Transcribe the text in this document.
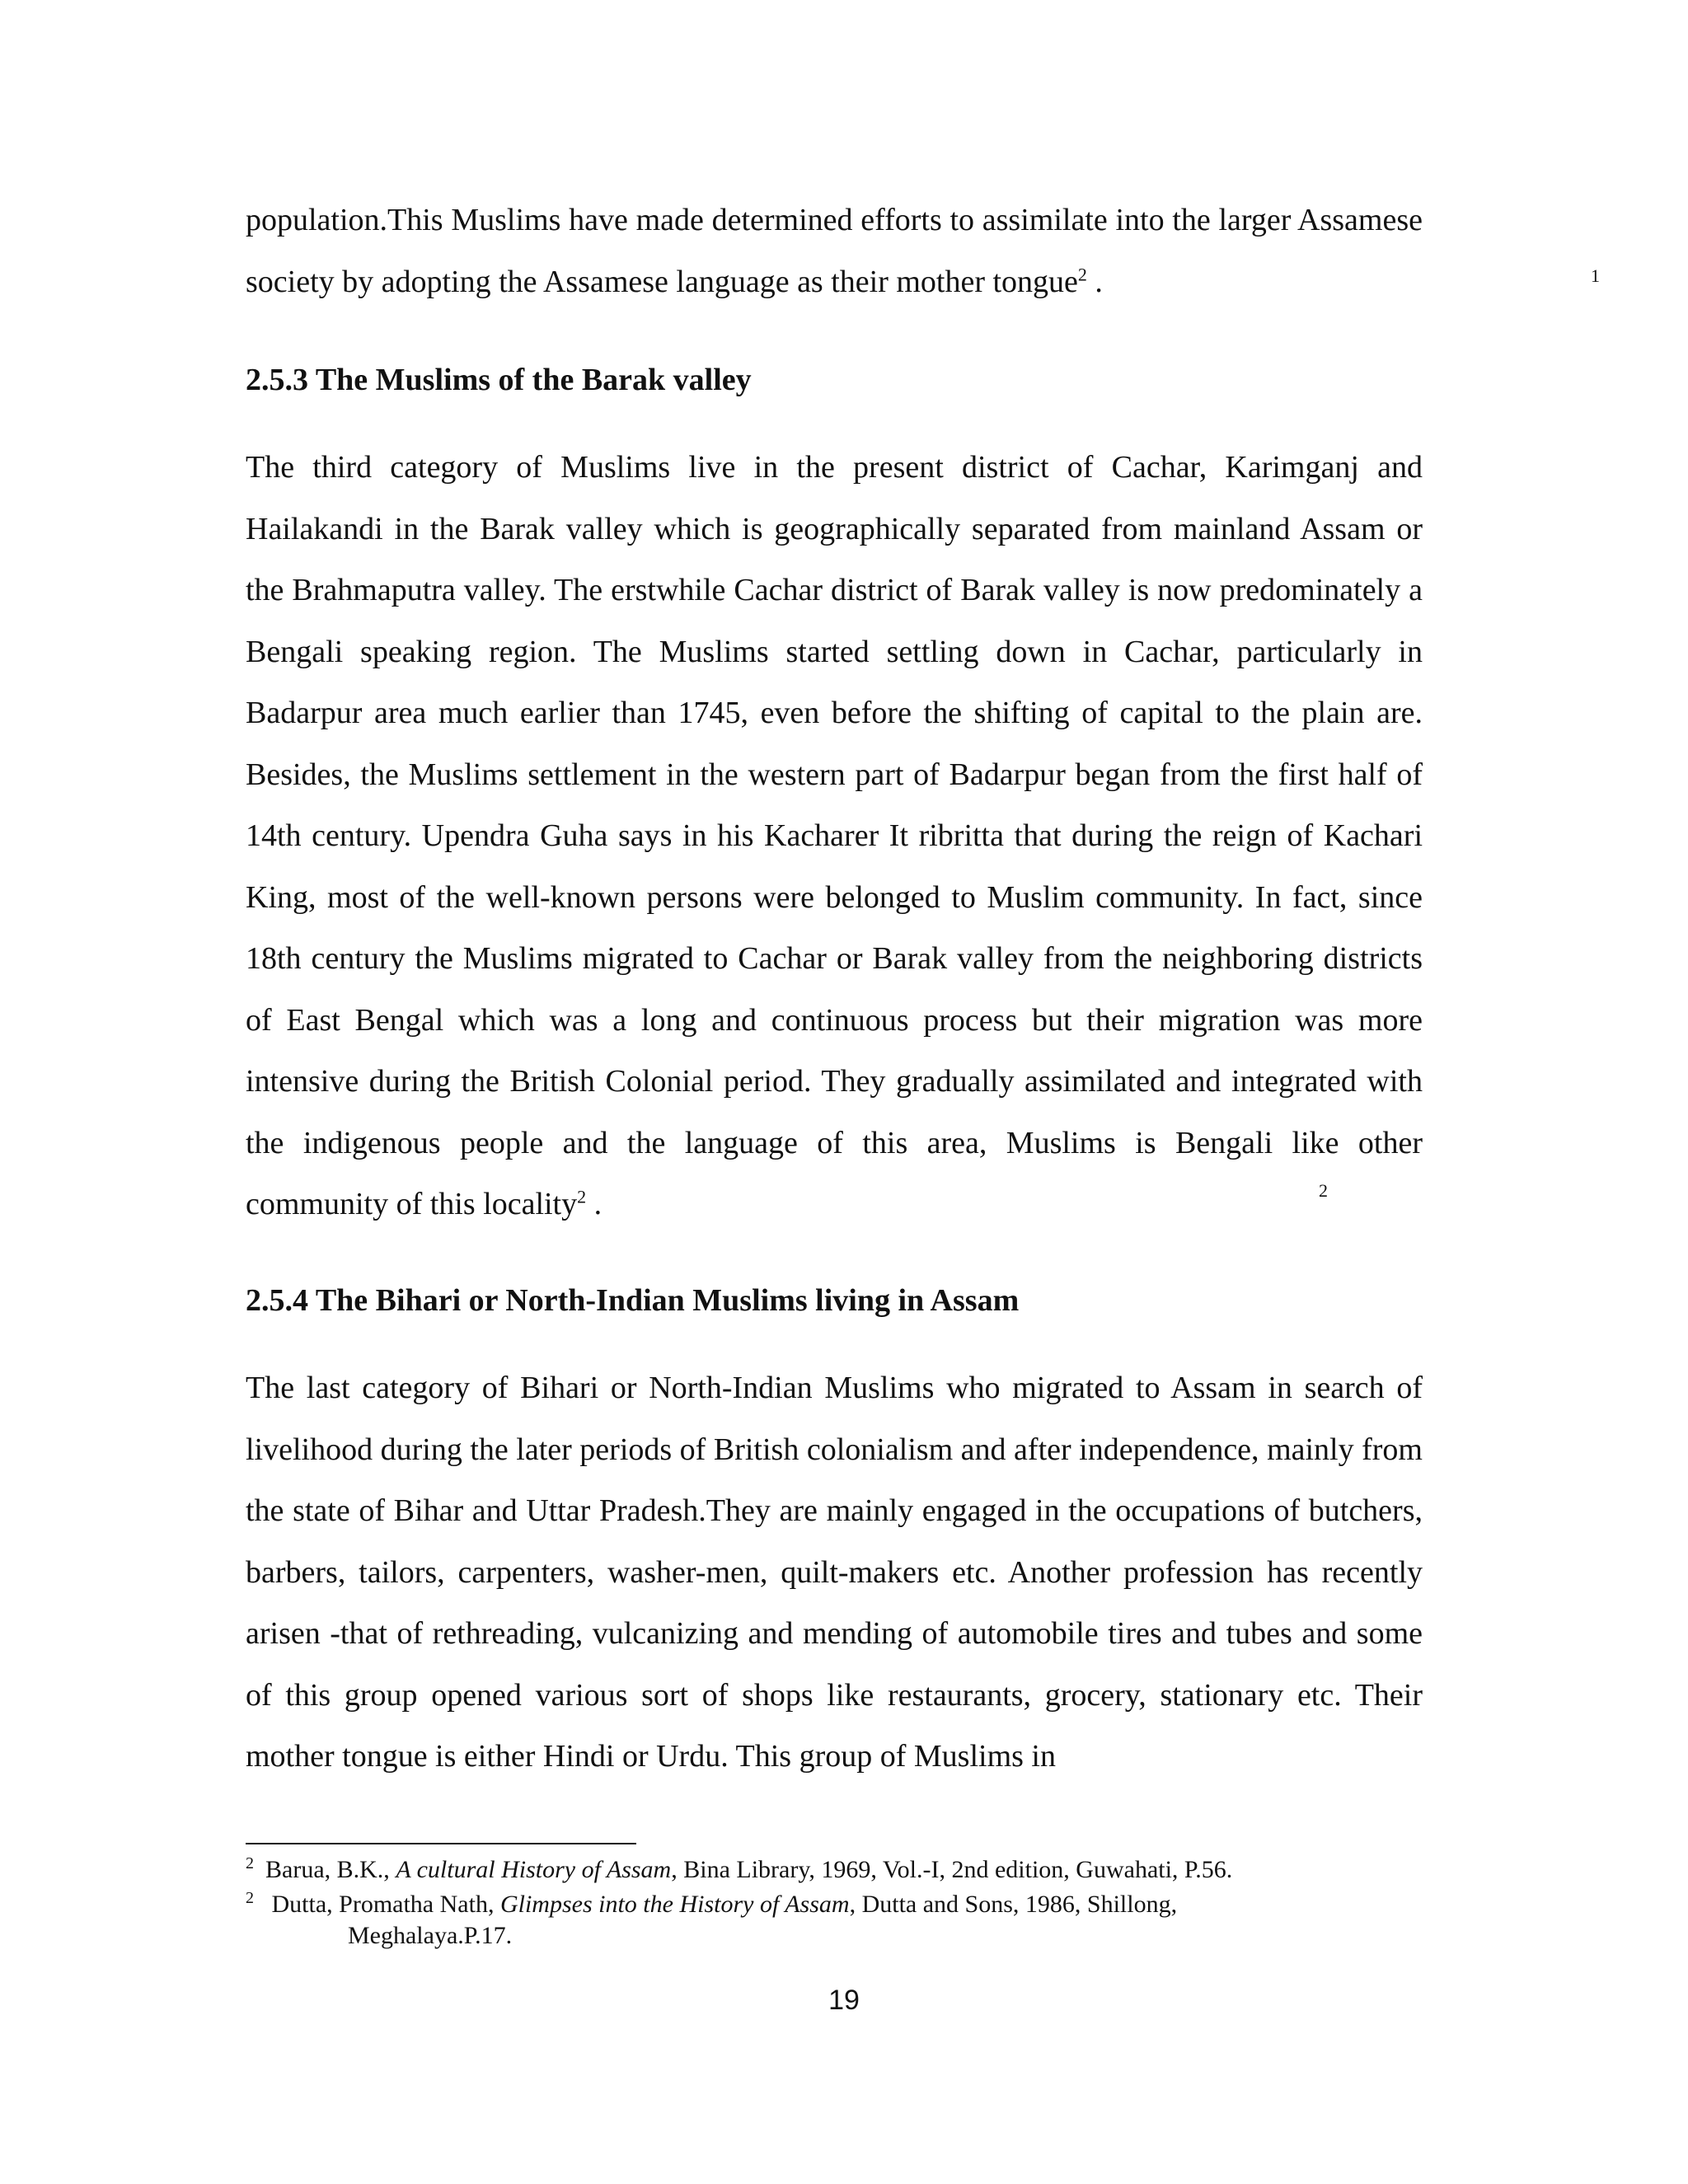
population.This Muslims have made determined efforts to assimilate into the larger Assamese society by adopting the Assamese language as their mother tongue$^2$ .	1
2.5.3 The Muslims of the Barak valley

The third category of Muslims live in the present district of Cachar, Karimganj and Hailakandi in the Barak valley which is geographically separated from mainland Assam or the Brahmaputra valley. The erstwhile Cachar district of Barak valley is now predominately a Bengali speaking region. The Muslims started settling down in Cachar, particularly in Badarpur area much earlier than 1745, even before the shifting of capital to the plain are. Besides, the Muslims settlement in the western part of Badarpur began from the first half of 14th century. Upendra Guha says in his Kacharer It ribritta that during the reign of Kachari King, most of the well-known persons were belonged to Muslim community. In fact, since 18th century the Muslims migrated to Cachar or Barak valley from the neighboring districts of East Bengal which was a long and continuous process but their migration was more intensive during the British Colonial period. They gradually assimilated and integrated with the indigenous people and the language of this area, Muslims is Bengali like other community of this locality$^2$ .	2
2.5.4 The Bihari or North-Indian Muslims living in Assam

The last category of Bihari or North-Indian Muslims who migrated to Assam in search of livelihood during the later periods of British colonialism and after independence, mainly from the state of Bihar and Uttar Pradesh.They are mainly engaged in the occupations of butchers, barbers, tailors, carpenters, washer-men, quilt-makers etc. Another profession has recently arisen -that of rethreading, vulcanizing and mending of automobile tires and tubes and some of this group opened various sort of shops like restaurants, grocery, stationary etc. Their mother tongue is either Hindi or Urdu. This group of Muslims in

$^2$ Barua, B.K., A cultural History of Assam, Bina Library, 1969, Vol.-I, 2nd edition, Guwahati, P.56.
$^2$ Dutta, Promatha Nath, Glimpses into the History of Assam, Dutta and Sons, 1986, Shillong,
Meghalaya.P.17.
19
